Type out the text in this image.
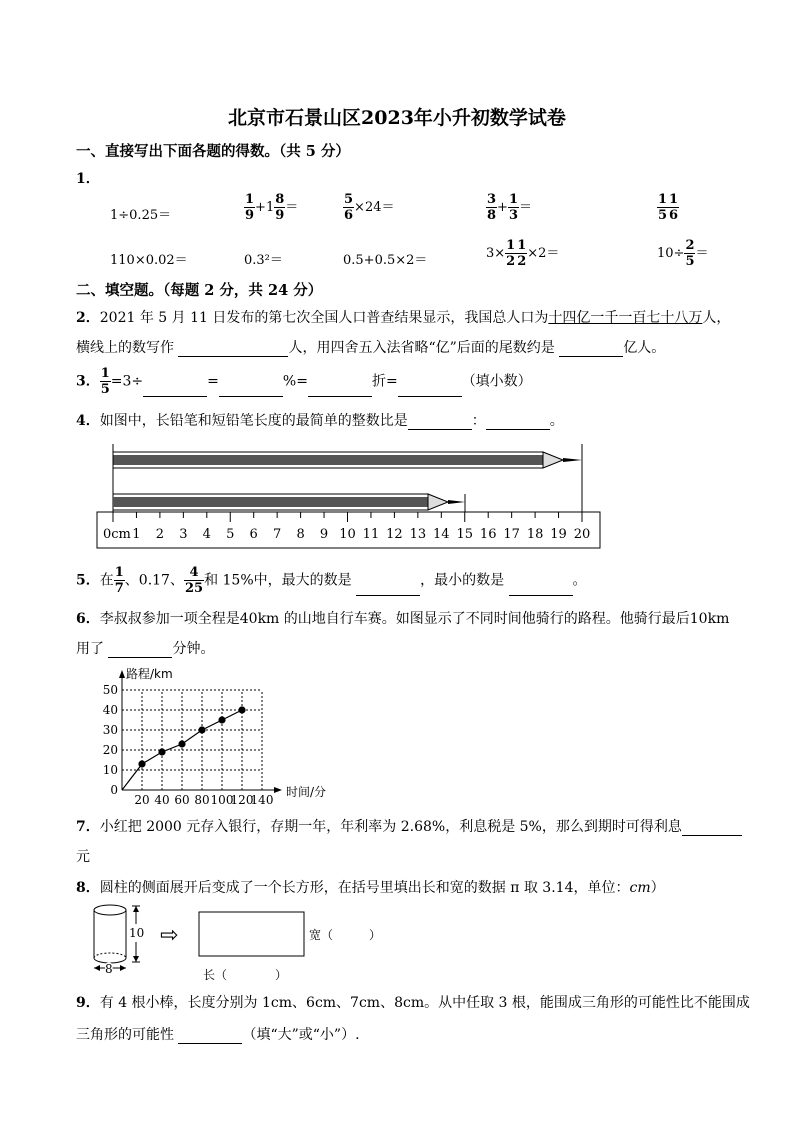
北京市石景山区2023年小升初数学试卷
一、直接写出下面各题的得数。（共 5 分）
1．
1÷0.25＝	$\frac{1}{9} +1 \frac{8}{9}$ ＝	$\frac{5}{6} \times 24=$	$\frac{3}{8} + \frac{1}{3}$ ＝	$\frac{1}{5} \frac{1}{6}$
110×0.02＝	0.3²＝	0.5+0.5×2＝	$3\times \frac{1}{2} \frac{1}{2} \times 2=$	$10\div \frac{2}{5}$ ＝
二、填空题。（每题 2 分，共 24 分）
2．2021 年 5 月 11 日发布的第七次全国人口普查结果显示，我国总人口为十四亿一千一百七十八万人，
横线上的数写作	人，用四舍五入法省略“亿”后面的尾数约是	亿人。
3． $\frac{1}{5} =3\div$	=	%=	折=	（填小数）
4．如图中，长铅笔和短铅笔长度的最简单的整数比是	：	。
0cm 1 2 3 4 5 6 7 8 9 10 11 12 13 14 15 16 17 18 19 20
5．在 $\frac{1}{7}$ 、0.17、 $\frac{4}{25}$ 和 15%中，最大的数是	，最小的数是	。
6．李叔叔参加一项全程是40km 的山地自行车赛。如图显示了不同时间他骑行的路程。他骑行最后10km
用了	分钟。
0
10
20
30
40
50
20 40 60 80 100
120
140
路程/km
时间/分
7．小红把 2000 元存入银行，存期一年，年利率为 2.68%，利息税是 5%，那么到期时可得利息
元
8．圆柱的侧面展开后变成了一个长方形，在括号里填出长和宽的数据 π 取 3.14，单位：cm）
10
8
⇨	宽（　　　）
长（　　　　）
9．有 4 根小棒，长度分别为 1cm、6cm、7cm、8cm。从中任取 3 根，能围成三角形的可能性比不能围成
三角形的可能性	（填“大”或“小”）.
